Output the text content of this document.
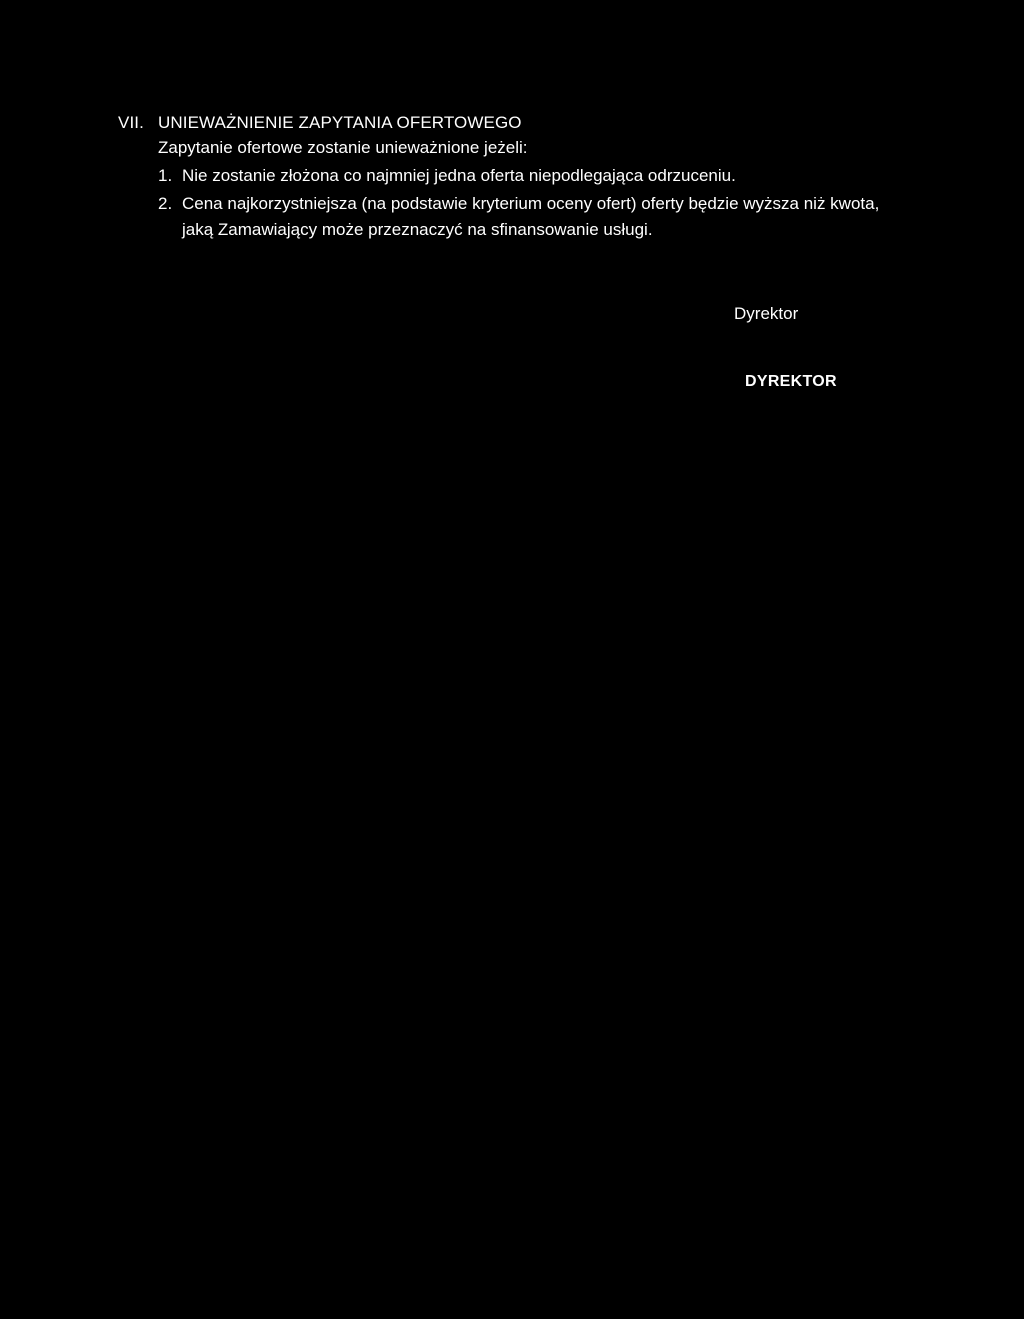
VII. UNIEWAŻNIENIE ZAPYTANIA OFERTOWEGO
Zapytanie ofertowe zostanie unieważnione jeżeli:
1. Nie zostanie złożona co najmniej jedna oferta niepodlegająca odrzuceniu.
2. Cena najkorzystniejsza (na podstawie kryterium oceny ofert) oferty będzie wyższa niż kwota,
jaką Zamawiający może przeznaczyć na sfinansowanie usługi.
Dyrektor
DYREKTOR
